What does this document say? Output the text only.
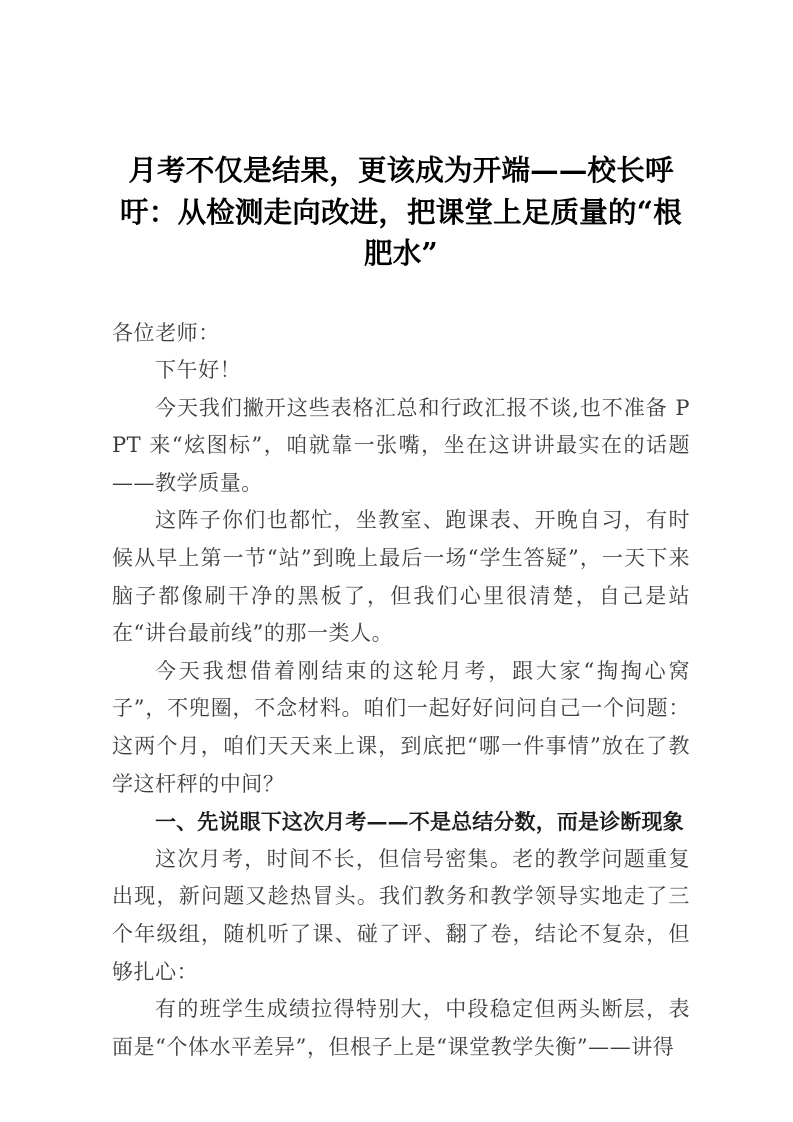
月考不仅是结果，更该成为开端——校长呼吁：从检测走向改进，把课堂上足质量的“根肥水”

各位老师：

下午好！

今天我们撇开这些表格汇总和行政汇报不谈,也不准备 PPT 来“炫图标”，咱就靠一张嘴，坐在这讲讲最实在的话题——教学质量。

这阵子你们也都忙，坐教室、跑课表、开晚自习，有时候从早上第一节“站”到晚上最后一场“学生答疑”，一天下来脑子都像刷干净的黑板了，但我们心里很清楚，自己是站在“讲台最前线”的那一类人。

今天我想借着刚结束的这轮月考，跟大家“掏掏心窝子”，不兜圈，不念材料。咱们一起好好问问自己一个问题：这两个月，咱们天天来上课，到底把“哪一件事情”放在了教学这杆秤的中间？

一、先说眼下这次月考——不是总结分数，而是诊断现象

这次月考，时间不长，但信号密集。老的教学问题重复出现，新问题又趁热冒头。我们教务和教学领导实地走了三个年级组，随机听了课、碰了评、翻了卷，结论不复杂，但够扎心：

有的班学生成绩拉得特别大，中段稳定但两头断层，表面是“个体水平差异”，但根子上是“课堂教学失衡”——讲得
